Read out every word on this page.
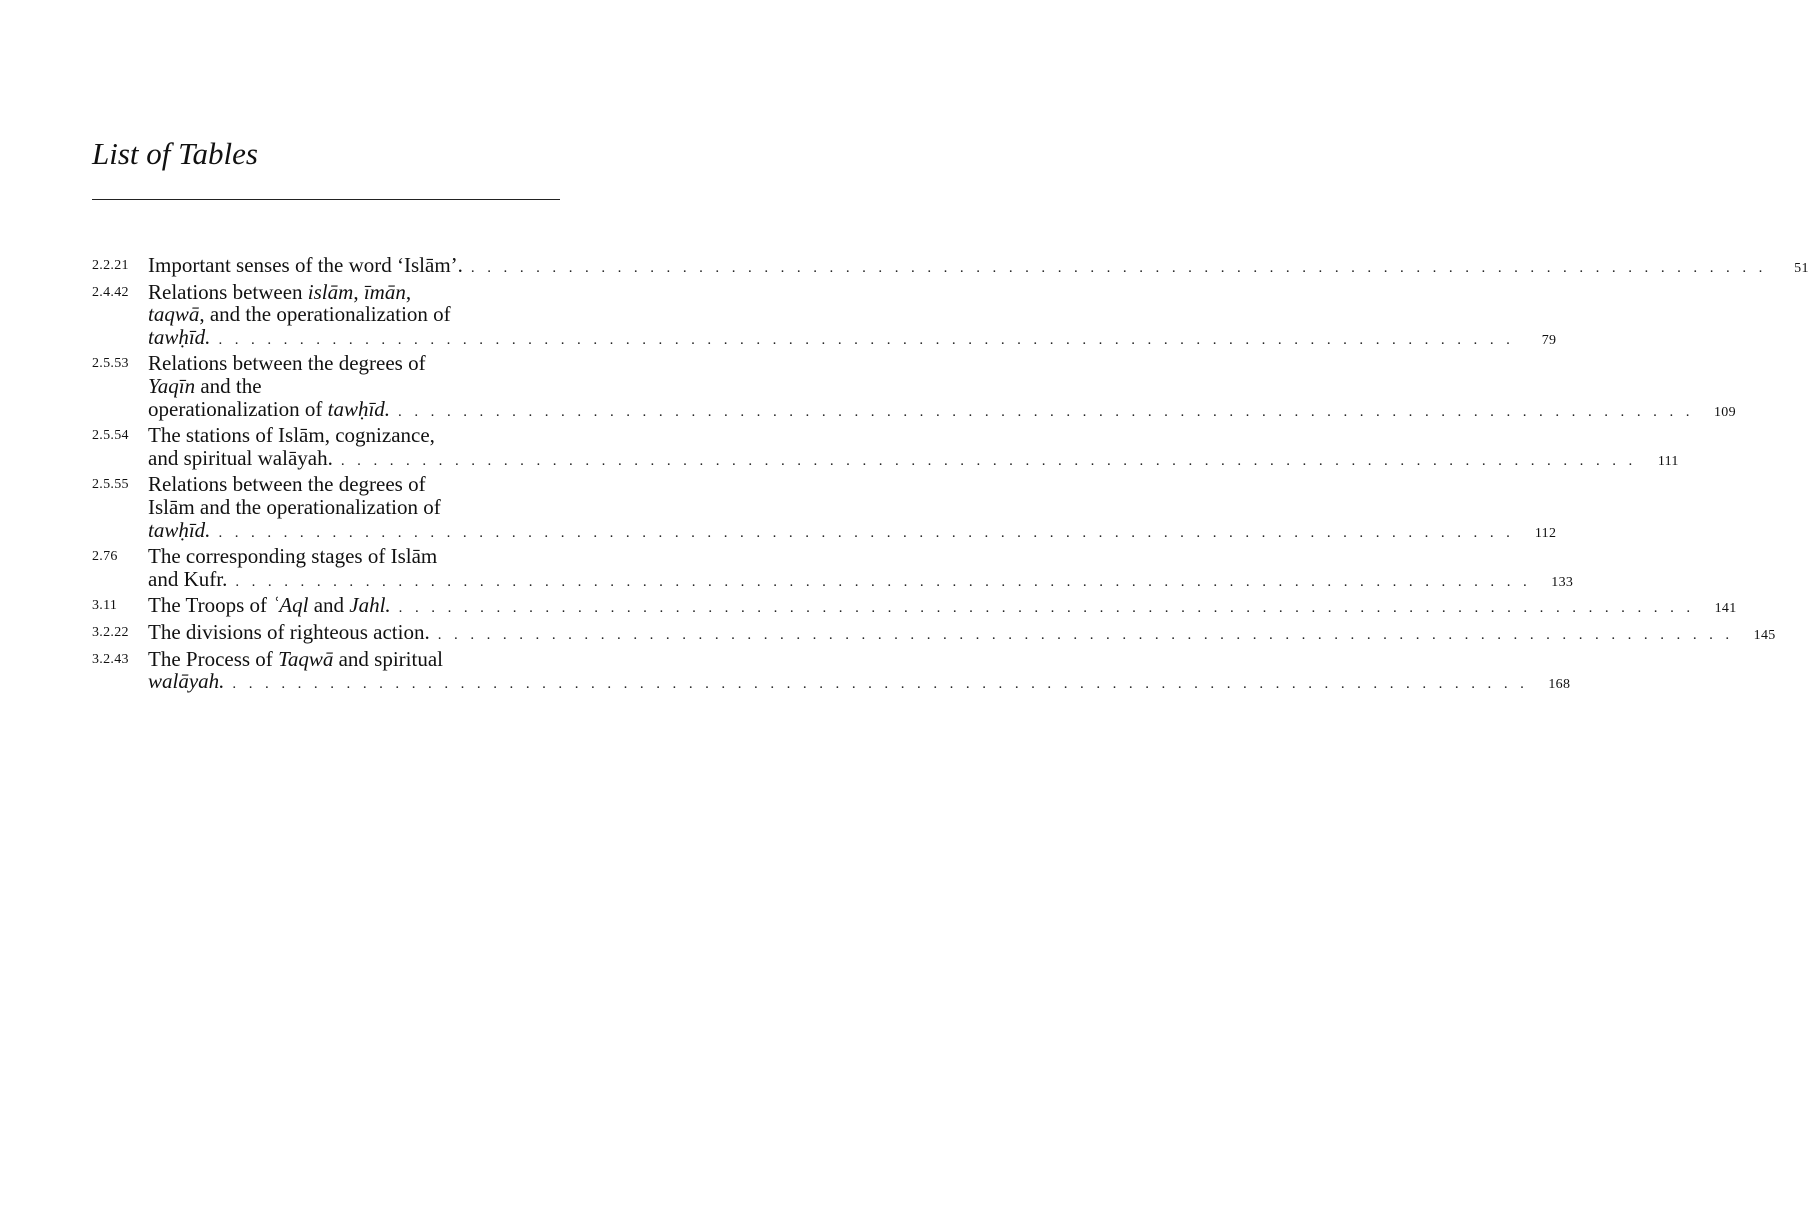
List of Tables
2.2.21 Important senses of the word ‘Islām’. . . . . . . . . . . . . . . . . . . . . . . . . . . . . . . . . . . . . . . . . . . . . . . . . . . . . . . . . . . . . . . . . . . . . . . . . . . . . . . . .	51
2.4.42 Relations between islām, īmān,
taqwā, and the operationalization of
tawḥīd. . . . . . . . . . . . . . . . . . . . . . . . . . . . . . . . . . . . . . . . . . . . . . . . . . . . . . . . . . . . . . . . . . . . . . . . . . . . . . . . .	79
2.5.53 Relations between the degrees of
Yaqīn and the
operationalization of tawḥīd. . . . . . . . . . . . . . . . . . . . . . . . . . . . . . . . . . . . . . . . . . . . . . . . . . . . . . . . . . . . . . . . . . . . . . . . . . . . . . . . . 109
2.5.54 The stations of Islām, cognizance,
and spiritual walāyah. . . . . . . . . . . . . . . . . . . . . . . . . . . . . . . . . . . . . . . . . . . . . . . . . . . . . . . . . . . . . . . . . . . . . . . . . . . . . . . . .	111
2.5.55 Relations between the degrees of
Islām and the operationalization of
tawḥīd. . . . . . . . . . . . . . . . . . . . . . . . . . . . . . . . . . . . . . . . . . . . . . . . . . . . . . . . . . . . . . . . . . . . . . . . . . . . . . . . .	112
2.76	The corresponding stages of Islām
and Kufr. . . . . . . . . . . . . . . . . . . . . . . . . . . . . . . . . . . . . . . . . . . . . . . . . . . . . . . . . . . . . . . . . . . . . . . . . . . . . . . . . 133
3.11	The Troops of ʿAql and Jahl. . . . . . . . . . . . . . . . . . . . . . . . . . . . . . . . . . . . . . . . . . . . . . . . . . . . . . . . . . . . . . . . . . . . . . . . . . . . . . . . . 141
3.2.22 The divisions of righteous action. . . . . . . . . . . . . . . . . . . . . . . . . . . . . . . . . . . . . . . . . . . . . . . . . . . . . . . . . . . . . . . . . . . . . . . . . . . . . . . . . 145
3.2.43 The Process of Taqwā and spiritual
walāyah. . . . . . . . . . . . . . . . . . . . . . . . . . . . . . . . . . . . . . . . . . . . . . . . . . . . . . . . . . . . . . . . . . . . . . . . . . . . . . . . . 168
